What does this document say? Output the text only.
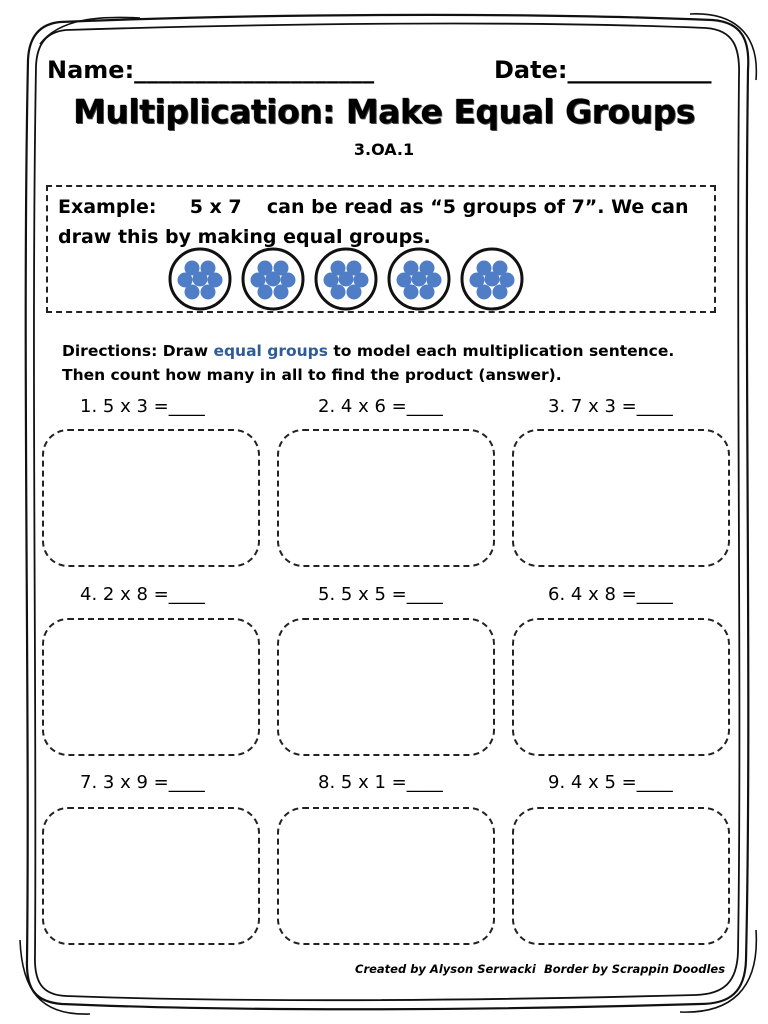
Name:____________________	Date:____________
Multiplication: Make Equal Groups
3.OA.1
Example: 5 x 7 can be read as “5 groups of 7”. We can
draw this by making equal groups.
Directions: Draw equal groups to model each multiplication sentence.
Then count how many in all to find the product (answer).
1. 5 x 3 =____	2. 4 x 6 =____	3. 7 x 3 =____
4. 2 x 8 =____	5. 5 x 5 =____	6. 4 x 8 =____
7. 3 x 9 =____	8. 5 x 1 =____	9. 4 x 5 =____
Created by Alyson Serwacki Border by Scrappin Doodles
